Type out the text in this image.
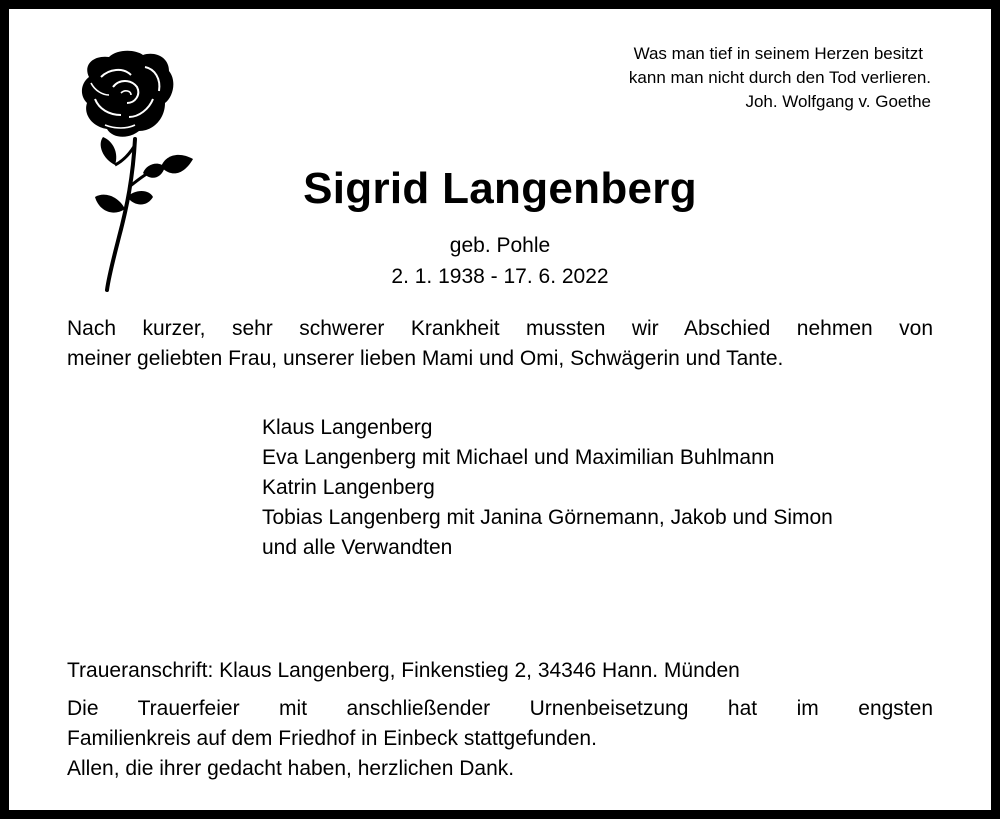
Was man tief in seinem Herzen besitzt
kann man nicht durch den Tod verlieren.
Joh. Wolfgang v. Goethe
Sigrid Langenberg
geb. Pohle
2. 1. 1938 - 17. 6. 2022
Nach kurzer, sehr schwerer Krankheit mussten wir Abschied nehmen von
meiner geliebten Frau, unserer lieben Mami und Omi, Schwägerin und Tante.
Klaus Langenberg
Eva Langenberg mit Michael und Maximilian Buhlmann
Katrin Langenberg
Tobias Langenberg mit Janina Görnemann, Jakob und Simon
und alle Verwandten
Traueranschrift: Klaus Langenberg, Finkenstieg 2, 34346 Hann. Münden
Die Trauerfeier mit anschließender Urnenbeisetzung hat im engsten
Familienkreis auf dem Friedhof in Einbeck stattgefunden.
Allen, die ihrer gedacht haben, herzlichen Dank.
